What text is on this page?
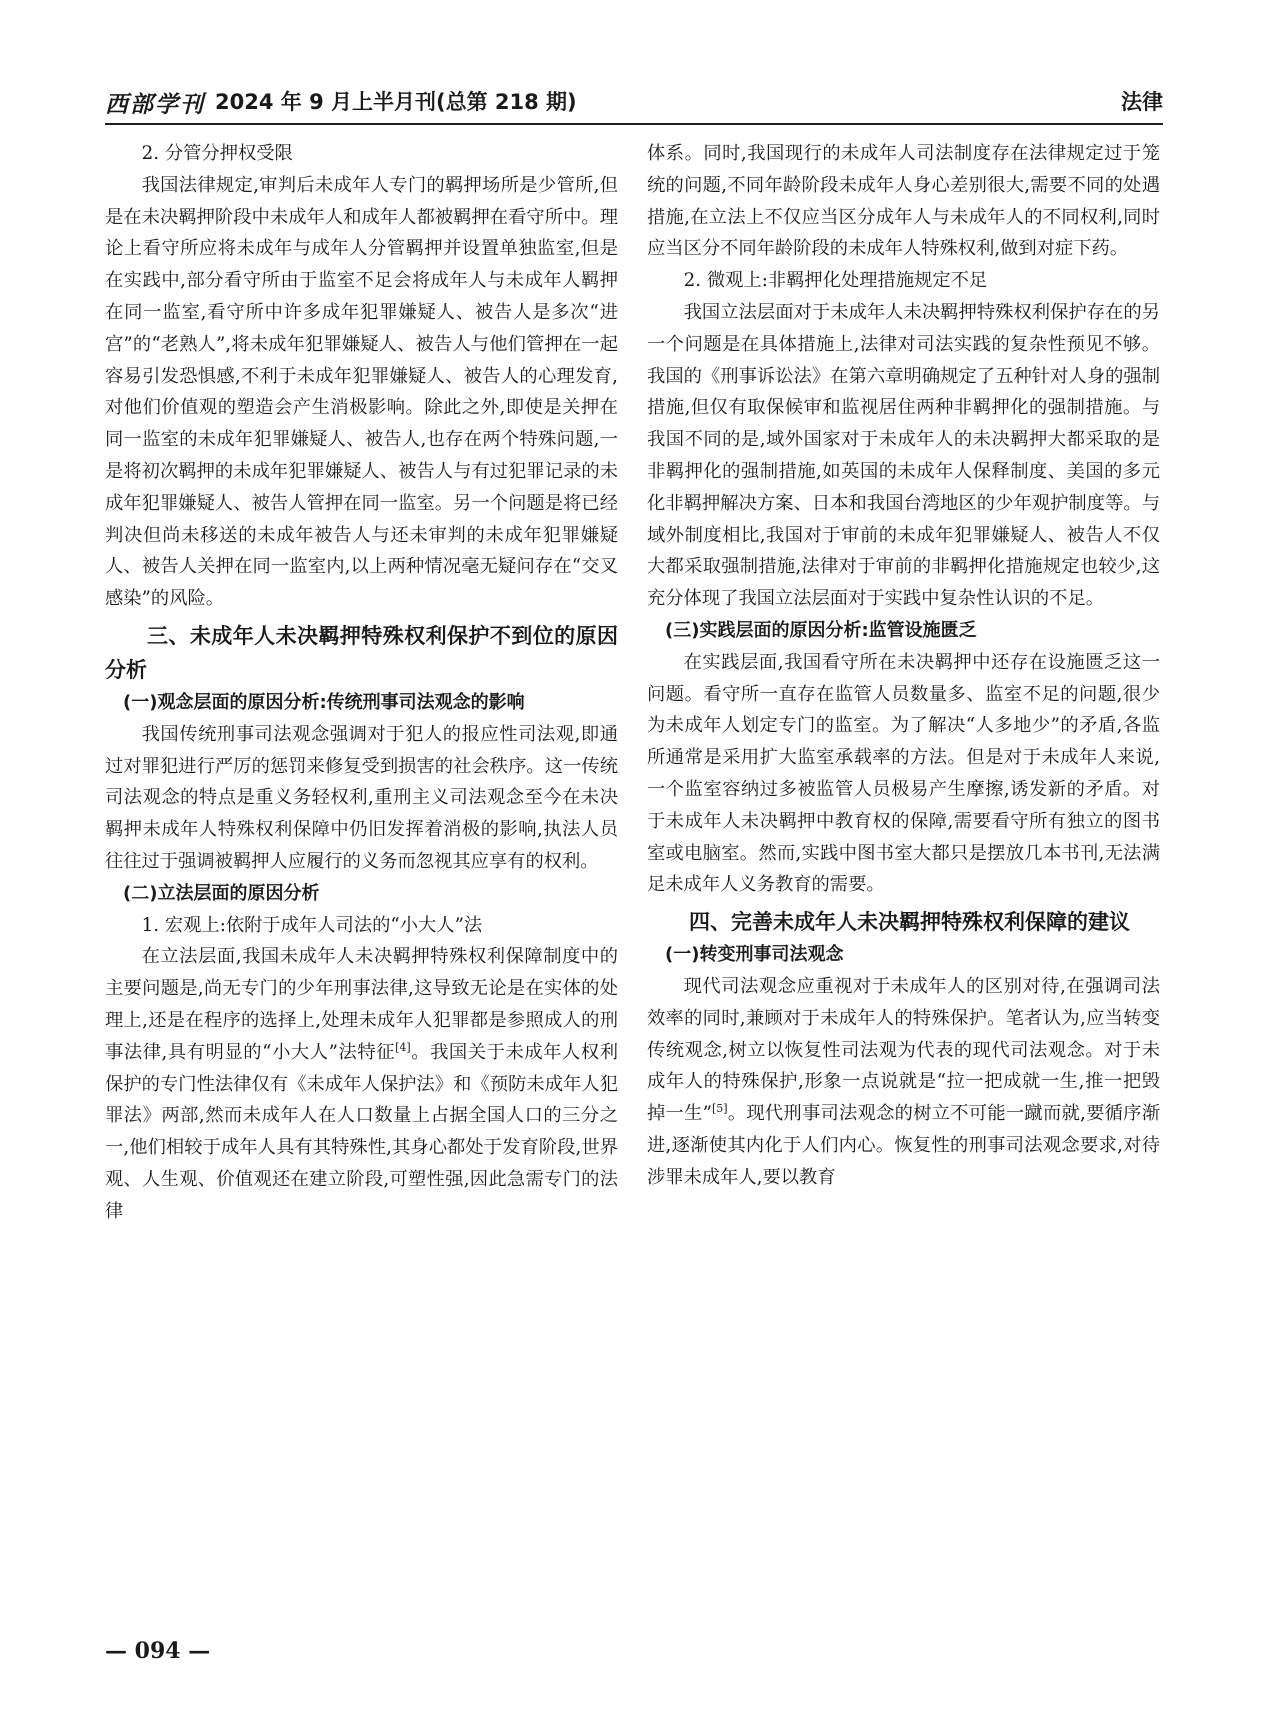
西部学刊 2024 年 9 月上半月刊(总第 218 期)	法律
2. 分管分押权受限

我国法律规定,审判后未成年人专门的羁押场所是少管所,但是在未决羁押阶段中未成年人和成年人都被羁押在看守所中。理论上看守所应将未成年与成年人分管羁押并设置单独监室,但是在实践中,部分看守所由于监室不足会将成年人与未成年人羁押在同一监室,看守所中许多成年犯罪嫌疑人、被告人是多次“进宫”的“老熟人”,将未成年犯罪嫌疑人、被告人与他们管押在一起容易引发恐惧感,不利于未成年犯罪嫌疑人、被告人的心理发育,对他们价值观的塑造会产生消极影响。除此之外,即使是关押在同一监室的未成年犯罪嫌疑人、被告人,也存在两个特殊问题,一是将初次羁押的未成年犯罪嫌疑人、被告人与有过犯罪记录的未成年犯罪嫌疑人、被告人管押在同一监室。另一个问题是将已经判决但尚未移送的未成年被告人与还未审判的未成年犯罪嫌疑人、被告人关押在同一监室内,以上两种情况毫无疑问存在“交叉感染”的风险。

三、未成年人未决羁押特殊权利保护不到位的原因分析
(一)观念层面的原因分析:传统刑事司法观念的影响

我国传统刑事司法观念强调对于犯人的报应性司法观,即通过对罪犯进行严厉的惩罚来修复受到损害的社会秩序。这一传统司法观念的特点是重义务轻权利,重刑主义司法观念至今在未决羁押未成年人特殊权利保障中仍旧发挥着消极的影响,执法人员往往过于强调被羁押人应履行的义务而忽视其应享有的权利。

(二)立法层面的原因分析
1. 宏观上:依附于成年人司法的“小大人”法

在立法层面,我国未成年人未决羁押特殊权利保障制度中的主要问题是,尚无专门的少年刑事法律,这导致无论是在实体的处理上,还是在程序的选择上,处理未成年人犯罪都是参照成人的刑事法律,具有明显的“小大人”法特征[4]。我国关于未成年人权利保护的专门性法律仅有《未成年人保护法》和《预防未成年人犯罪法》两部,然而未成年人在人口数量上占据全国人口的三分之一,他们相较于成年人具有其特殊性,其身心都处于发育阶段,世界观、人生观、价值观还在建立阶段,可塑性强,因此急需专门的法律

体系。同时,我国现行的未成年人司法制度存在法律规定过于笼统的问题,不同年龄阶段未成年人身心差别很大,需要不同的处遇措施,在立法上不仅应当区分成年人与未成年人的不同权利,同时应当区分不同年龄阶段的未成年人特殊权利,做到对症下药。

2. 微观上:非羁押化处理措施规定不足

我国立法层面对于未成年人未决羁押特殊权利保护存在的另一个问题是在具体措施上,法律对司法实践的复杂性预见不够。我国的《刑事诉讼法》在第六章明确规定了五种针对人身的强制措施,但仅有取保候审和监视居住两种非羁押化的强制措施。与我国不同的是,域外国家对于未成年人的未决羁押大都采取的是非羁押化的强制措施,如英国的未成年人保释制度、美国的多元化非羁押解决方案、日本和我国台湾地区的少年观护制度等。与域外制度相比,我国对于审前的未成年犯罪嫌疑人、被告人不仅大都采取强制措施,法律对于审前的非羁押化措施规定也较少,这充分体现了我国立法层面对于实践中复杂性认识的不足。

(三)实践层面的原因分析:监管设施匮乏

在实践层面,我国看守所在未决羁押中还存在设施匮乏这一问题。看守所一直存在监管人员数量多、监室不足的问题,很少为未成年人划定专门的监室。为了解决“人多地少”的矛盾,各监所通常是采用扩大监室承载率的方法。但是对于未成年人来说,一个监室容纳过多被监管人员极易产生摩擦,诱发新的矛盾。对于未成年人未决羁押中教育权的保障,需要看守所有独立的图书室或电脑室。然而,实践中图书室大都只是摆放几本书刊,无法满足未成年人义务教育的需要。

四、完善未成年人未决羁押特殊权利保障的建议
(一)转变刑事司法观念

现代司法观念应重视对于未成年人的区别对待,在强调司法效率的同时,兼顾对于未成年人的特殊保护。笔者认为,应当转变传统观念,树立以恢复性司法观为代表的现代司法观念。对于未成年人的特殊保护,形象一点说就是“拉一把成就一生,推一把毁掉一生”[5]。现代刑事司法观念的树立不可能一蹴而就,要循序渐进,逐渐使其内化于人们内心。恢复性的刑事司法观念要求,对待涉罪未成年人,要以教育

— 094 —
